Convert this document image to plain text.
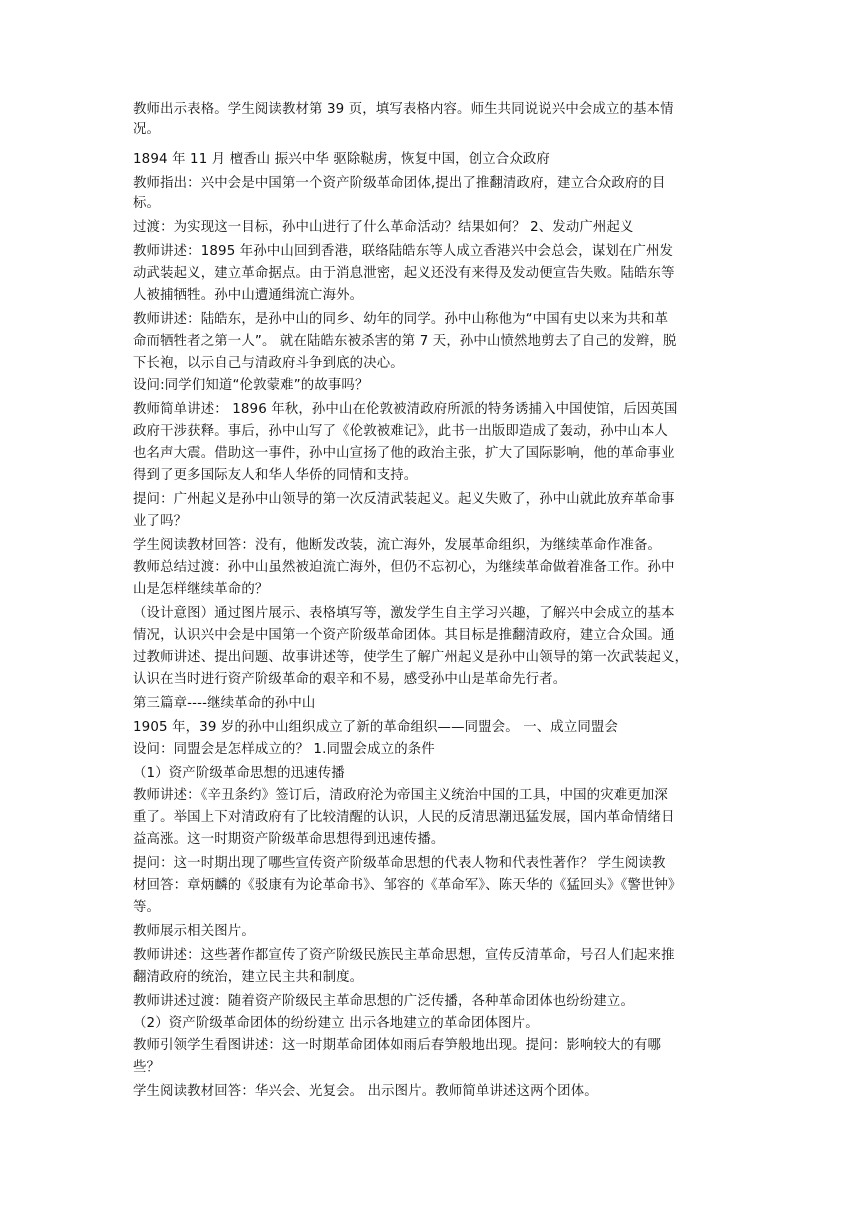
教师出示表格。学生阅读教材第 39 页，填写表格内容。师生共同说说兴中会成立的基本情
况。
1894 年 11 月 檀香山 振兴中华 驱除鞑虏，恢复中国，创立合众政府
教师指出：兴中会是中国第一个资产阶级革命团体,提出了推翻清政府，建立合众政府的目
标。
过渡：为实现这一目标，孙中山进行了什么革命活动？结果如何？ 2、发动广州起义
教师讲述：1895 年孙中山回到香港，联络陆皓东等人成立香港兴中会总会，谋划在广州发
动武装起义，建立革命据点。由于消息泄密，起义还没有来得及发动便宣告失败。陆皓东等
人被捕牺牲。孙中山遭通缉流亡海外。
教师讲述：陆皓东，是孙中山的同乡、幼年的同学。孙中山称他为“中国有史以来为共和革
命而牺牲者之第一人”。 就在陆皓东被杀害的第 7 天，孙中山愤然地剪去了自己的发辫，脱
下长袍，以示自己与清政府斗争到底的决心。
设问:同学们知道“伦敦蒙难”的故事吗？
教师简单讲述： 1896 年秋，孙中山在伦敦被清政府所派的特务诱捕入中国使馆，后因英国
政府干涉获释。事后，孙中山写了《伦敦被难记》，此书一出版即造成了轰动，孙中山本人
也名声大震。借助这一事件，孙中山宣扬了他的政治主张，扩大了国际影响，他的革命事业
得到了更多国际友人和华人华侨的同情和支持。
提问：广州起义是孙中山领导的第一次反清武装起义。起义失败了，孙中山就此放弃革命事
业了吗？
学生阅读教材回答：没有，他断发改装，流亡海外，发展革命组织，为继续革命作准备。
教师总结过渡：孙中山虽然被迫流亡海外，但仍不忘初心，为继续革命做着准备工作。孙中
山是怎样继续革命的？
（设计意图）通过图片展示、表格填写等，激发学生自主学习兴趣，了解兴中会成立的基本
情况，认识兴中会是中国第一个资产阶级革命团体。其目标是推翻清政府，建立合众国。通
过教师讲述、提出问题、故事讲述等，使学生了解广州起义是孙中山领导的第一次武装起义，
认识在当时进行资产阶级革命的艰辛和不易，感受孙中山是革命先行者。
第三篇章----继续革命的孙中山
1905 年，39 岁的孙中山组织成立了新的革命组织——同盟会。 一、成立同盟会
设问：同盟会是怎样成立的？ 1.同盟会成立的条件
（1）资产阶级革命思想的迅速传播
教师讲述：《辛丑条约》签订后，清政府沦为帝国主义统治中国的工具，中国的灾难更加深
重了。举国上下对清政府有了比较清醒的认识，人民的反清思潮迅猛发展，国内革命情绪日
益高涨。这一时期资产阶级革命思想得到迅速传播。
提问：这一时期出现了哪些宣传资产阶级革命思想的代表人物和代表性著作？ 学生阅读教
材回答：章炳麟的《驳康有为论革命书》、邹容的《革命军》、陈天华的《猛回头》《警世钟》
等。
教师展示相关图片。
教师讲述：这些著作都宣传了资产阶级民族民主革命思想，宣传反清革命，号召人们起来推
翻清政府的统治，建立民主共和制度。
教师讲述过渡：随着资产阶级民主革命思想的广泛传播，各种革命团体也纷纷建立。
（2）资产阶级革命团体的纷纷建立 出示各地建立的革命团体图片。
教师引领学生看图讲述：这一时期革命团体如雨后春笋般地出现。提问：影响较大的有哪
些？
学生阅读教材回答：华兴会、光复会。 出示图片。教师简单讲述这两个团体。
